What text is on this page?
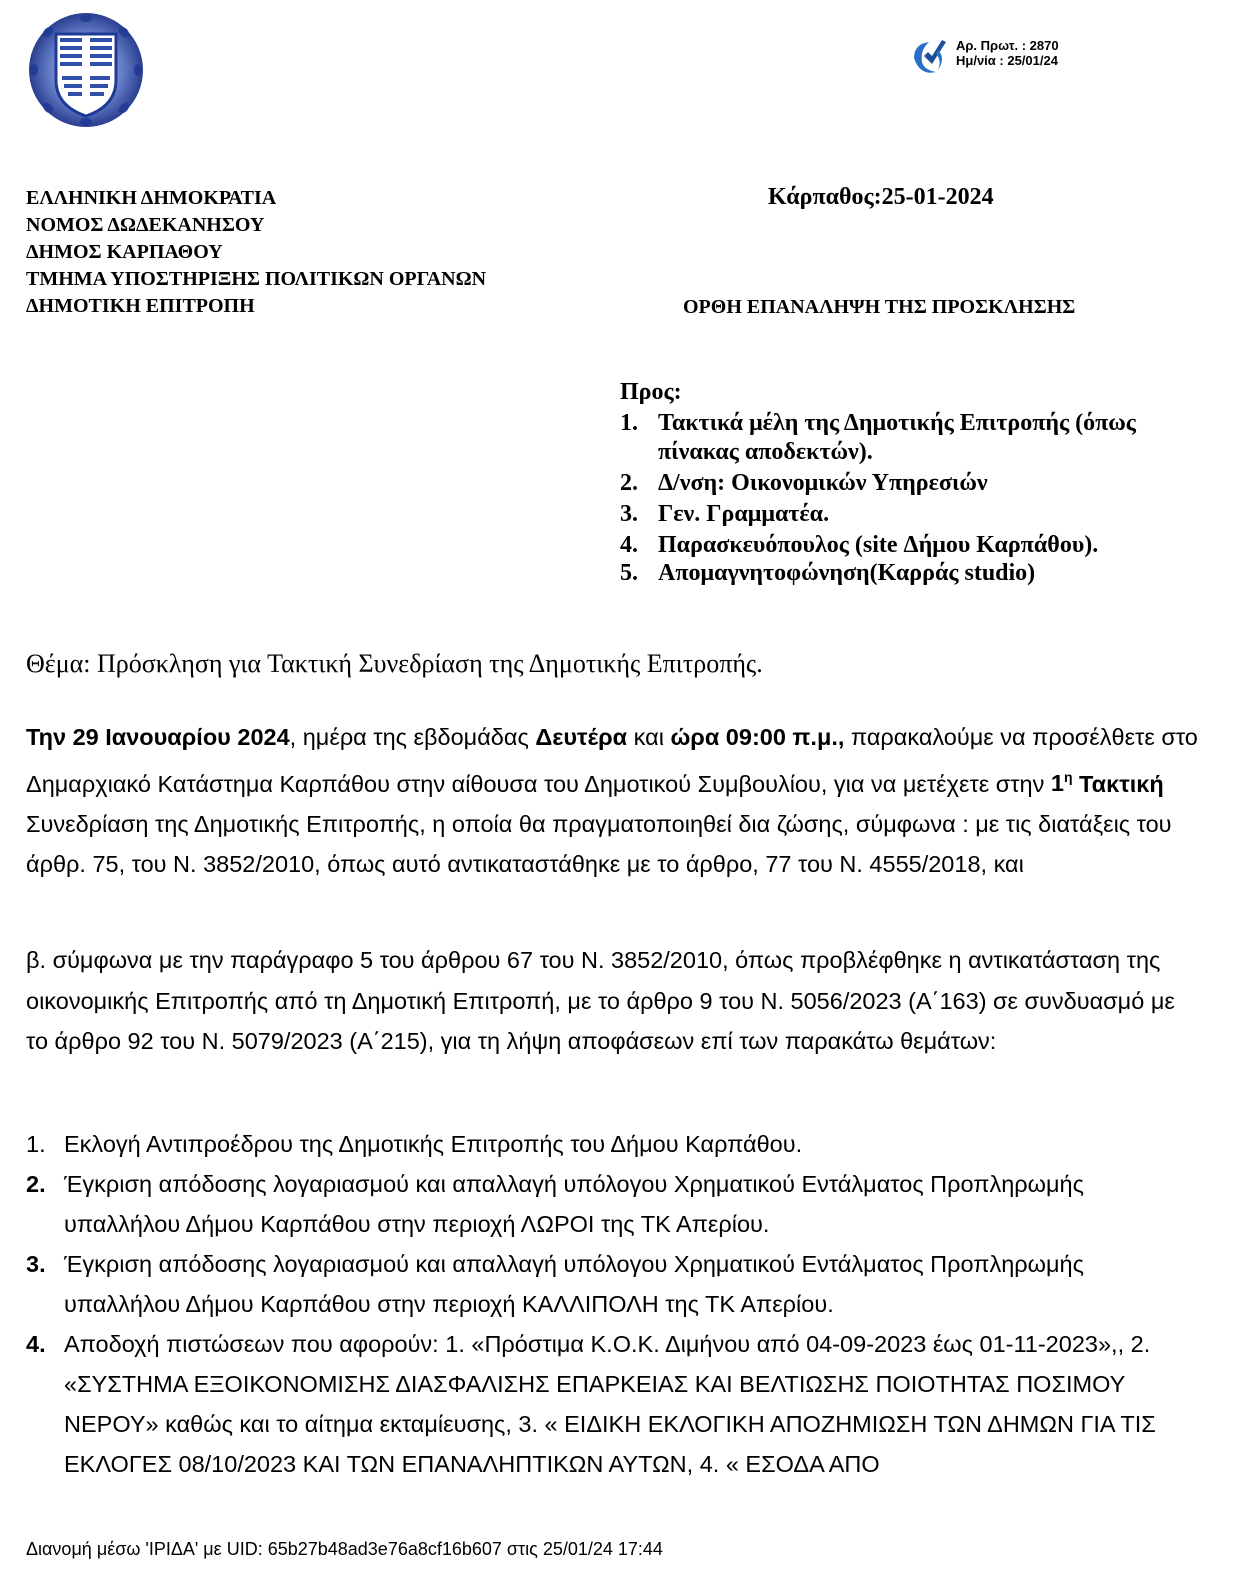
Αρ. Πρωτ. : 2870
Ημ/νία : 25/01/24
ΕΛΛΗΝΙΚΗ ΔΗΜΟΚΡΑΤΙΑ
ΝΟΜΟΣ ΔΩΔΕΚΑΝΗΣΟΥ
ΔΗΜΟΣ ΚΑΡΠΑΘΟΥ
ΤΜΗΜΑ ΥΠΟΣΤΗΡΙΞΗΣ ΠΟΛΙΤΙΚΩΝ ΟΡΓΑΝΩΝ
ΔΗΜΟΤΙΚΗ ΕΠΙΤΡΟΠΗ
Κάρπαθος:25-01-2024
ΟΡΘΗ ΕΠΑΝΑΛΗΨΗ ΤΗΣ ΠΡΟΣΚΛΗΣΗΣ
Προς:
1. Τακτικά μέλη της Δημοτικής Επιτροπής (όπως πίνακας αποδεκτών).
2. Δ/νση: Οικονομικών Υπηρεσιών
3. Γεν. Γραμματέα.
4. Παρασκευόπουλος (site Δήμου Καρπάθου).
5. Απομαγνητοφώνηση(Καρράς studio)
Θέμα: Πρόσκληση για Τακτική Συνεδρίαση της Δημοτικής Επιτροπής.
Την 29 Ιανουαρίου 2024, ημέρα της εβδομάδας Δευτέρα και ώρα 09:00 π.μ., παρακαλούμε να προσέλθετε στο Δημαρχιακό Κατάστημα Καρπάθου στην αίθουσα του Δημοτικού Συμβουλίου, για να μετέχετε στην $1^\eta$ Τακτική Συνεδρίαση της Δημοτικής Επιτροπής, η οποία θα πραγματοποιηθεί δια ζώσης, σύμφωνα : με τις διατάξεις του άρθρ. 75, του Ν. 3852/2010, όπως αυτό αντικαταστάθηκε με το άρθρο, 77 του Ν. 4555/2018, και
β. σύμφωνα με την παράγραφο 5 του άρθρου 67 του Ν. 3852/2010, όπως προβλέφθηκε η αντικατάσταση της οικονομικής Επιτροπής από τη Δημοτική Επιτροπή, με το άρθρο 9 του Ν. 5056/2023 (Α΄163) σε συνδυασμό με το άρθρο 92 του Ν. 5079/2023 (Α΄215), για τη λήψη αποφάσεων επί των παρακάτω θεμάτων:
1. Εκλογή Αντιπροέδρου της Δημοτικής Επιτροπής του Δήμου Καρπάθου.
2. Έγκριση απόδοσης λογαριασμού και απαλλαγή υπόλογου Χρηματικού Εντάλματος Προπληρωμής υπαλλήλου Δήμου Καρπάθου στην περιοχή ΛΩΡΟΙ της ΤΚ Απερίου.
3. Έγκριση απόδοσης λογαριασμού και απαλλαγή υπόλογου Χρηματικού Εντάλματος Προπληρωμής υπαλλήλου Δήμου Καρπάθου στην περιοχή ΚΑΛΛΙΠΟΛΗ της ΤΚ Απερίου.
4. Αποδοχή πιστώσεων που αφορούν: 1. «Πρόστιμα Κ.Ο.Κ. Διμήνου από 04-09-2023 έως 01-11-2023»,, 2. «ΣΥΣΤΗΜΑ ΕΞΟΙΚΟΝΟΜΙΣΗΣ ΔΙΑΣΦΑΛΙΣΗΣ ΕΠΑΡΚΕΙΑΣ ΚΑΙ ΒΕΛΤΙΩΣΗΣ ΠΟΙΟΤΗΤΑΣ ΠΟΣΙΜΟΥ ΝΕΡΟΥ» καθώς και το αίτημα εκταμίευσης, 3. « ΕΙΔΙΚΗ ΕΚΛΟΓΙΚΗ ΑΠΟΖΗΜΙΩΣΗ ΤΩΝ ΔΗΜΩΝ ΓΙΑ ΤΙΣ ΕΚΛΟΓΕΣ 08/10/2023 ΚΑΙ ΤΩΝ ΕΠΑΝΑΛΗΠΤΙΚΩΝ ΑΥΤΩΝ, 4. « ΕΣΟΔΑ ΑΠΟ
Διανομή μέσω 'ΙΡΙΔΑ' με UID: 65b27b48ad3e76a8cf16b607 στις 25/01/24 17:44
